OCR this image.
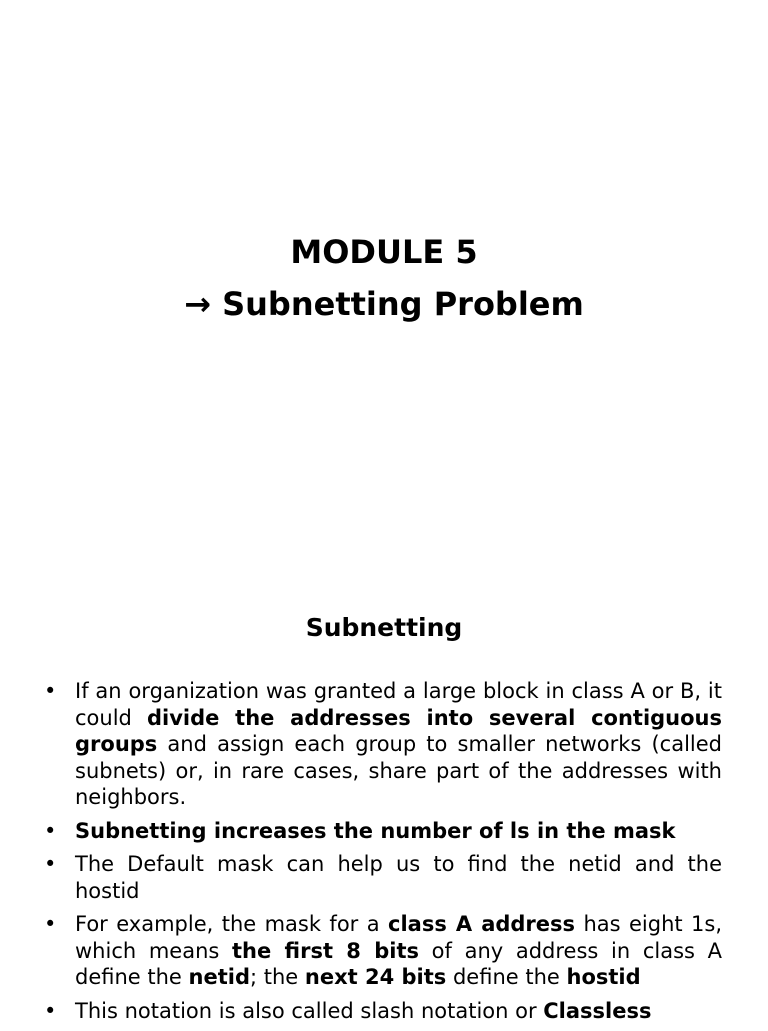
MODULE 5
→ Subnetting Problem
Subnetting
• If an organization was granted a large block in class A or B, it could divide the addresses into several contiguous groups and assign each group to smaller networks (called subnets) or, in rare cases, share part of the addresses with neighbors.
• Subnetting increases the number of ls in the mask
• The Default mask can help us to find the netid and the hostid
• For example, the mask for a class A address has eight 1s, which means the first 8 bits of any address in class A define the netid; the next 24 bits define the hostid
• This notation is also called slash notation or Classless
